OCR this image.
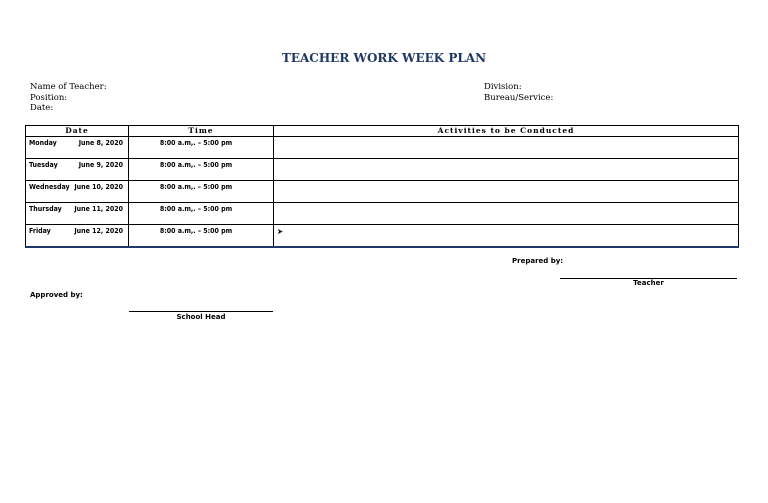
TEACHER WORK WEEK PLAN
Name of Teacher:
Position:
Date:
Division:
Bureau/Service:
Date	Time	Activities to be Conducted
Monday June 8, 2020	8:00 a.m,. – 5:00 pm	

Tuesday June 9, 2020	8:00 a.m,. – 5:00 pm	

Wednesday June 10, 2020	8:00 a.m,. – 5:00 pm	

Thursday June 11, 2020	8:00 a.m,. – 5:00 pm	

Friday June 12, 2020	8:00 a.m,. – 5:00 pm	➤
Prepared by:
Teacher
Approved by:
School Head
